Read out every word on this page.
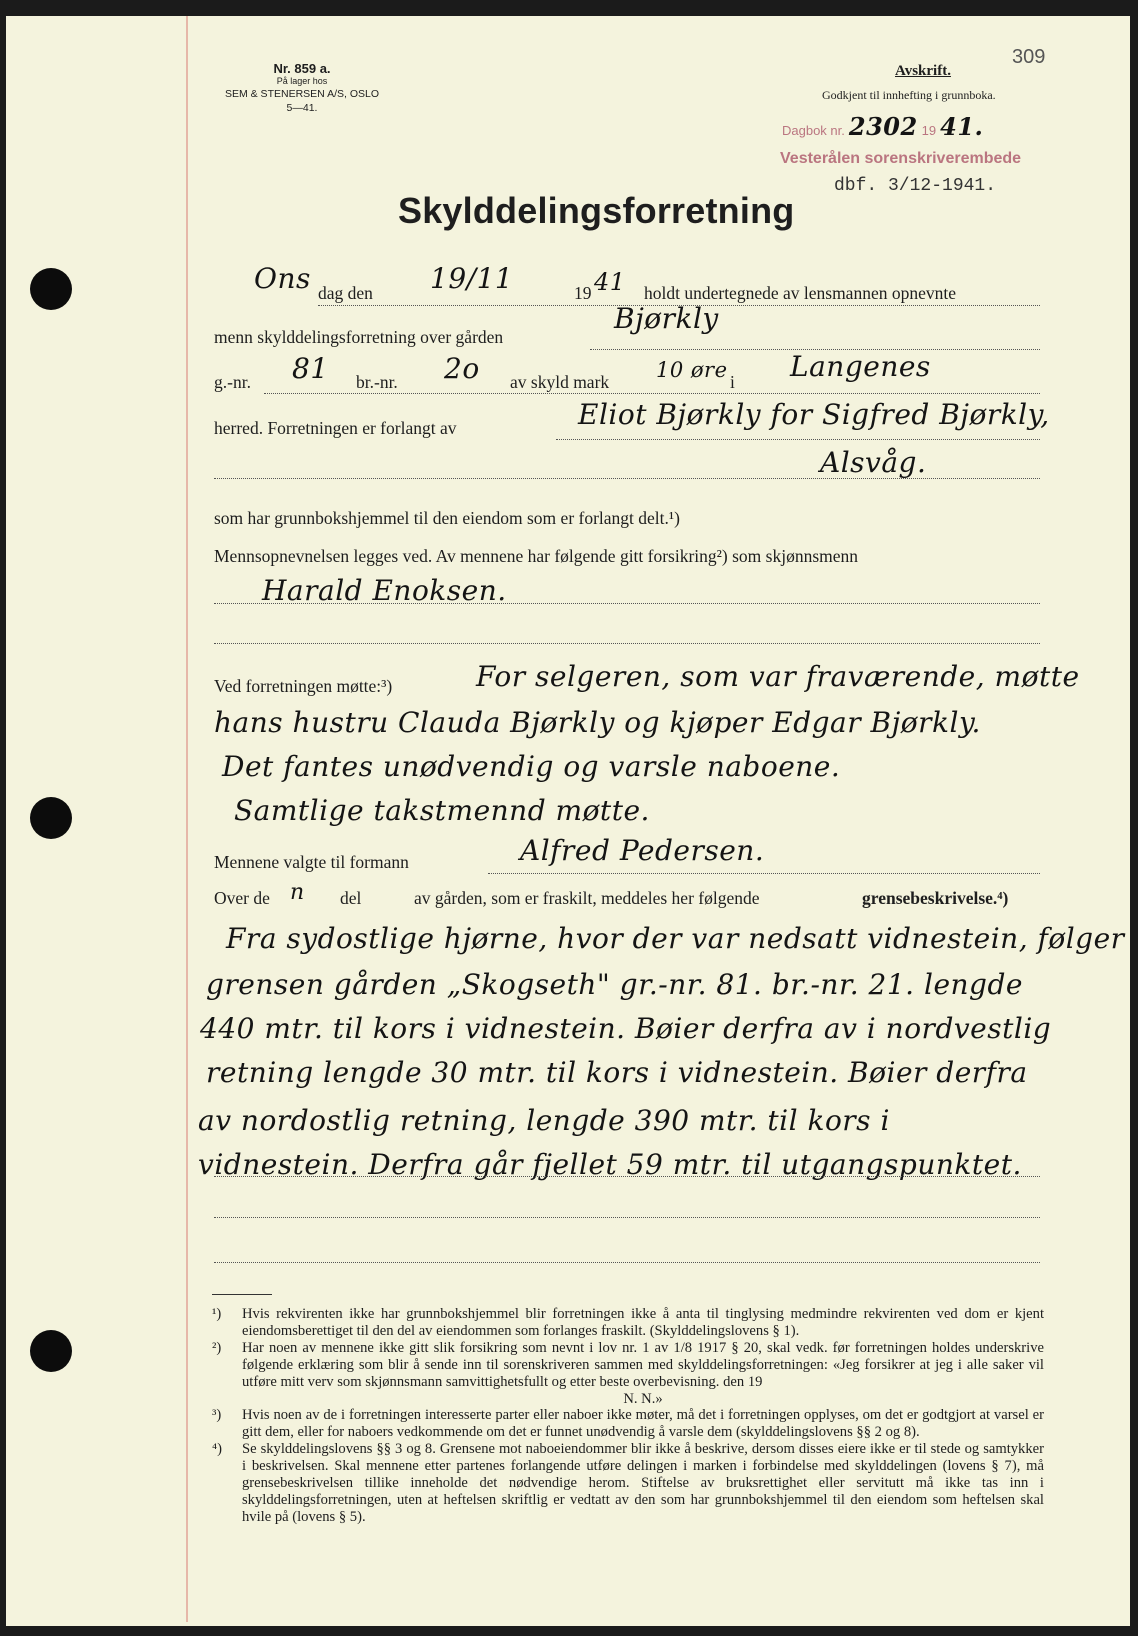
Nr. 859 a.
På lager hos
SEM & STENERSEN A/S, OSLO
5—41.
309
Avskrift.
Godkjent til innhefting i grunnboka.
Dagbok nr. 2302 19 41.
Vesterålen sorenskriverembede
dbf. 3/12-1941.
Skylddelingsforretning
Ons dag den 19/11	19 41 holdt undertegnede av lensmannen opnevnte
menn skylddelingsforretning over gården
Bjørkly
g.-nr. 81 br.-nr. 2o av skyld mark 10 øre i Langenes
herred. Forretningen er forlangt av	Eliot Bjørkly for Sigfred Bjørkly,
Alsvåg.
som har grunnbokshjemmel til den eiendom som er forlangt delt.¹)
Mennsopnevnelsen legges ved. Av mennene har følgende gitt forsikring²) som skjønnsmenn
Harald Enoksen.
Ved forretningen møtte:³)	For selgeren, som var fraværende, møtte
hans hustru Clauda Bjørkly og kjøper Edgar Bjørkly.
Det fantes unødvendig og varsle naboene.
Samtlige takstmennd møtte.
Mennene valgte til formann	Alfred Pedersen.
Over de n del	av gården, som er fraskilt, meddeles her følgende	grensebeskrivelse.⁴)
Fra sydostlige hjørne, hvor der var nedsatt vidnestein, følger
grensen gården „Skogseth" gr.-nr. 81. br.-nr. 21. lengde
440 mtr. til kors i vidnestein. Bøier derfra av i nordvestlig
retning lengde 30 mtr. til kors i vidnestein. Bøier derfra
av nordostlig retning, lengde 390 mtr. til kors i
vidnestein. Derfra går fjellet 59 mtr. til utgangspunktet.
¹)	Hvis rekvirenten ikke har grunnbokshjemmel blir forretningen ikke å anta til tinglysing medmindre rekvirenten ved dom er kjent eiendomsberettiget til den del av eiendommen som forlanges fraskilt. (Skylddelingslovens § 1).
²)	Har noen av mennene ikke gitt slik forsikring som nevnt i lov nr. 1 av 1/8 1917 § 20, skal vedk. før forretningen holdes underskrive følgende erklæring som blir å sende inn til sorenskriveren sammen med skylddelingsforretningen: «Jeg forsikrer at jeg i alle saker vil utføre mitt verv som skjønnsmann samvittighetsfullt og etter beste overbevisning. den 19
N. N.»
³)	Hvis noen av de i forretningen interesserte parter eller naboer ikke møter, må det i forretningen opplyses, om det er godtgjort at varsel er gitt dem, eller for naboers vedkommende om det er funnet unødvendig å varsle dem (skylddelingslovens §§ 2 og 8).
⁴)	Se skylddelingslovens §§ 3 og 8. Grensene mot naboeiendommer blir ikke å beskrive, dersom disses eiere ikke er til stede og samtykker i beskrivelsen. Skal mennene etter partenes forlangende utføre delingen i marken i forbindelse med skylddelingen (lovens § 7), må grensebeskrivelsen tillike inneholde det nødvendige herom. Stiftelse av bruksrettighet eller servitutt må ikke tas inn i skylddelingsforretningen, uten at heftelsen skriftlig er vedtatt av den som har grunnbokshjemmel til den eiendom som heftelsen skal hvile på (lovens § 5).
